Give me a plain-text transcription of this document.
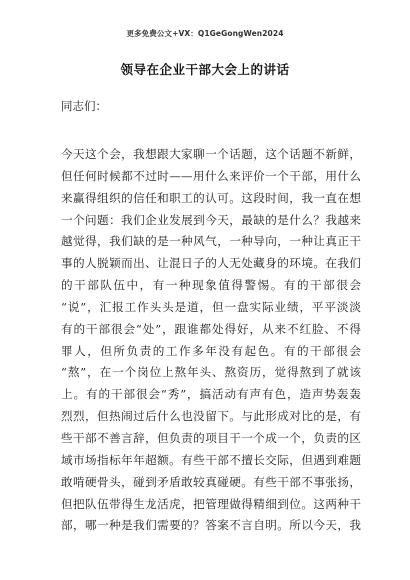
更多免费公文+VX：Q1GeGongWen2024
领导在企业干部大会上的讲话
同志们：
今天这个会，我想跟大家聊一个话题，这个话题不新鲜，
但任何时候都不过时——用什么来评价一个干部，用什么
来赢得组织的信任和职工的认可。这段时间，我一直在想
一个问题：我们企业发展到今天，最缺的是什么？我越来
越觉得，我们缺的是一种风气，一种导向，一种让真正干
事的人脱颖而出、让混日子的人无处藏身的环境。在我们
的干部队伍中，有一种现象值得警惕。有的干部很会
“说”，汇报工作头头是道，但一盘实际业绩，平平淡淡
有的干部很会“处”，跟谁都处得好，从来不红脸、不得
罪人，但所负责的工作多年没有起色。有的干部很会
“熬”，在一个岗位上熬年头、熬资历，觉得熬到了就该
上。有的干部很会“秀”，搞活动有声有色，造声势轰轰
烈烈，但热闹过后什么也没留下。与此形成对比的是，有
些干部不善言辞，但负责的项目干一个成一个，负责的区
域市场指标年年超额。有些干部不擅长交际，但遇到难题
敢啃硬骨头，碰到矛盾敢较真碰硬。有些干部不事张扬，
但把队伍带得生龙活虎，把管理做得精细到位。这两种干
部，哪一种是我们需要的？答案不言自明。所以今天，我
